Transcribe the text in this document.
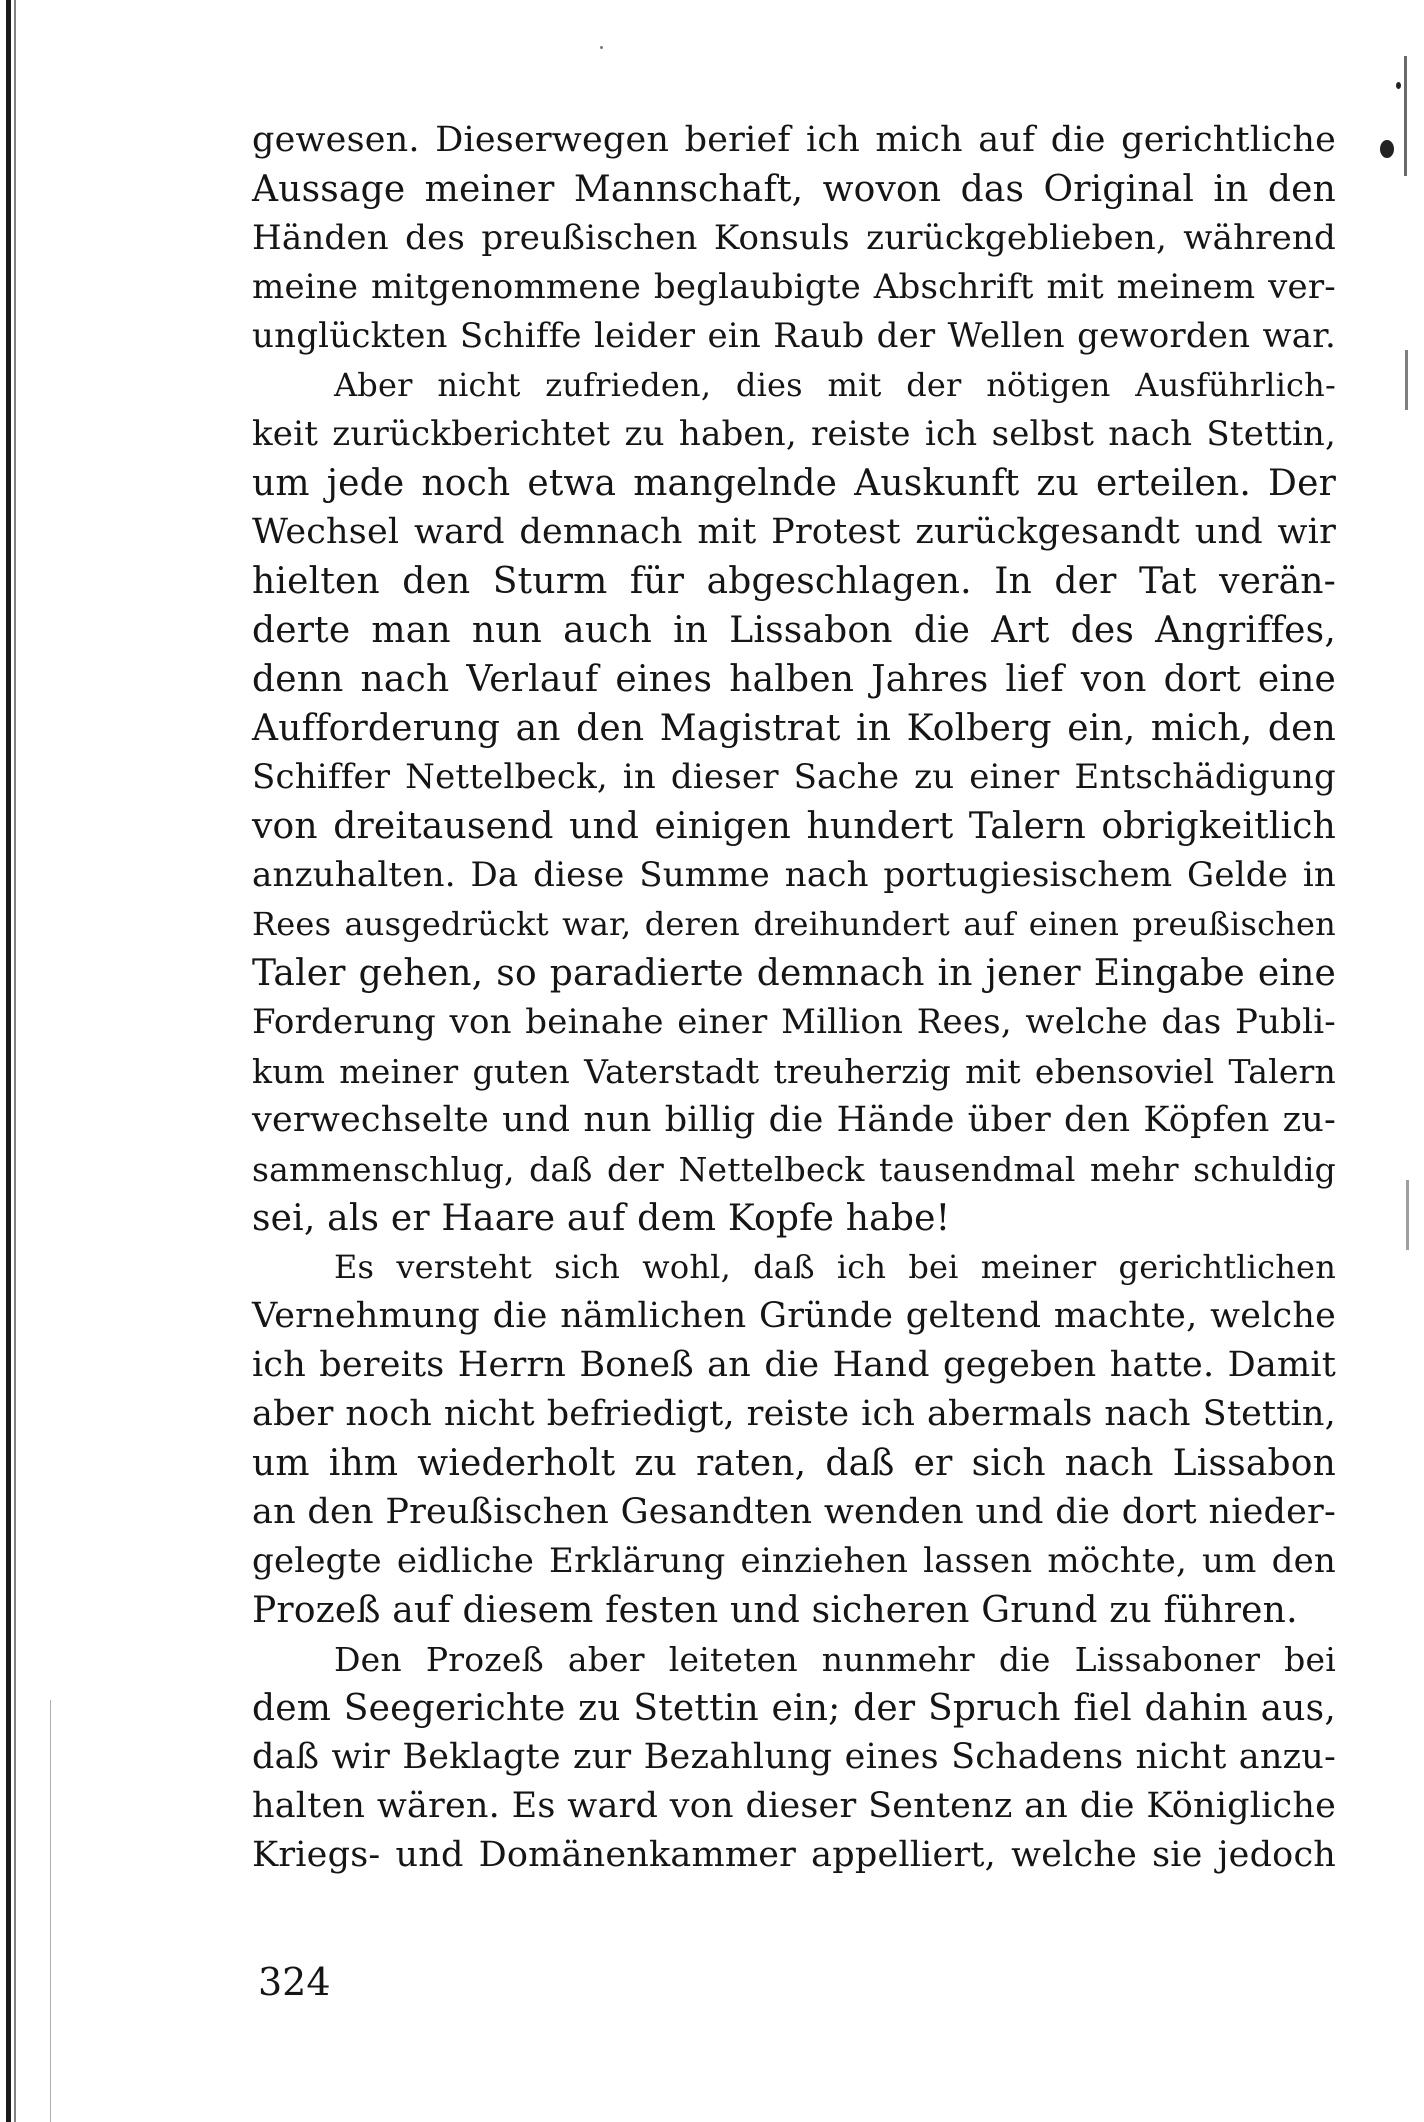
gewesen. Dieserwegen berief ich mich auf die gerichtliche
Aussage meiner Mannschaft, wovon das Original in den
Händen des preußischen Konsuls zurückgeblieben, während
meine mitgenommene beglaubigte Abschrift mit meinem ver-
unglückten Schiffe leider ein Raub der Wellen geworden war.
Aber nicht zufrieden, dies mit der nötigen Ausführlich-
keit zurückberichtet zu haben, reiste ich selbst nach Stettin,
um jede noch etwa mangelnde Auskunft zu erteilen. Der
Wechsel ward demnach mit Protest zurückgesandt und wir
hielten den Sturm für abgeschlagen. In der Tat verän-
derte man nun auch in Lissabon die Art des Angriffes,
denn nach Verlauf eines halben Jahres lief von dort eine
Aufforderung an den Magistrat in Kolberg ein, mich, den
Schiffer Nettelbeck, in dieser Sache zu einer Entschädigung
von dreitausend und einigen hundert Talern obrigkeitlich
anzuhalten. Da diese Summe nach portugiesischem Gelde in
Rees ausgedrückt war, deren dreihundert auf einen preußischen
Taler gehen, so paradierte demnach in jener Eingabe eine
Forderung von beinahe einer Million Rees, welche das Publi-
kum meiner guten Vaterstadt treuherzig mit ebensoviel Talern
verwechselte und nun billig die Hände über den Köpfen zu-
sammenschlug, daß der Nettelbeck tausendmal mehr schuldig
sei, als er Haare auf dem Kopfe habe!
Es versteht sich wohl, daß ich bei meiner gerichtlichen
Vernehmung die nämlichen Gründe geltend machte, welche
ich bereits Herrn Boneß an die Hand gegeben hatte. Damit
aber noch nicht befriedigt, reiste ich abermals nach Stettin,
um ihm wiederholt zu raten, daß er sich nach Lissabon
an den Preußischen Gesandten wenden und die dort nieder-
gelegte eidliche Erklärung einziehen lassen möchte, um den
Prozeß auf diesem festen und sicheren Grund zu führen.
Den Prozeß aber leiteten nunmehr die Lissaboner bei
dem Seegerichte zu Stettin ein; der Spruch fiel dahin aus,
daß wir Beklagte zur Bezahlung eines Schadens nicht anzu-
halten wären. Es ward von dieser Sentenz an die Königliche
Kriegs- und Domänenkammer appelliert, welche sie jedoch
324
